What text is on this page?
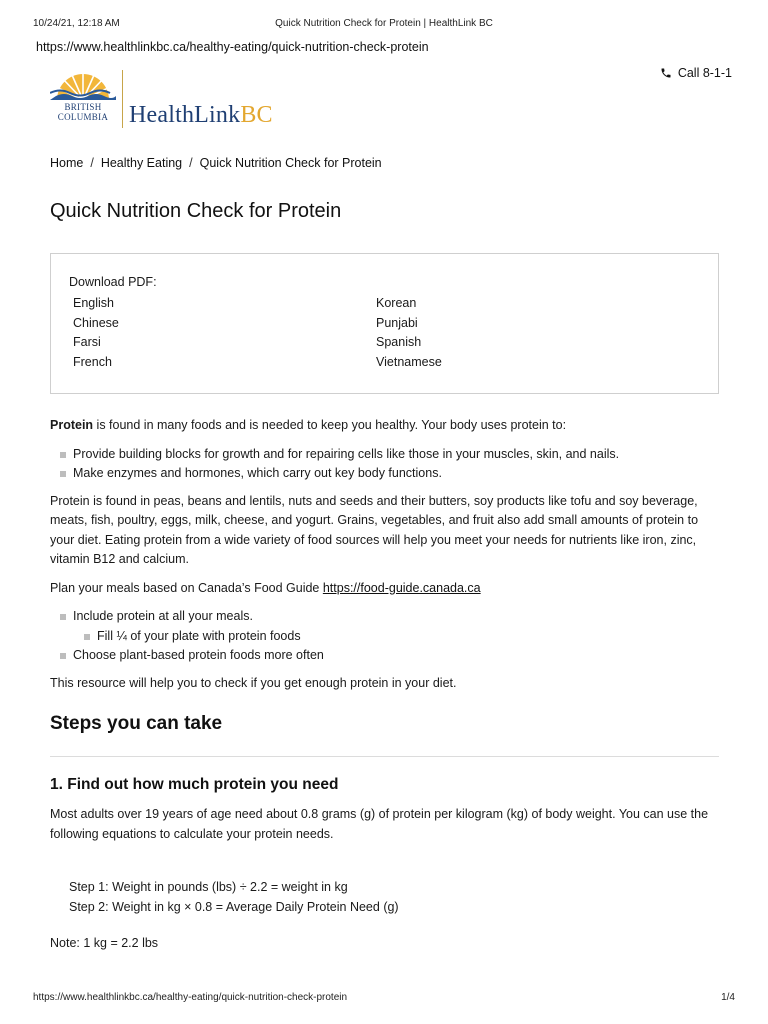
10/24/21, 12:18 AM	Quick Nutrition Check for Protein | HealthLink BC
https://www.healthlinkbc.ca/healthy-eating/quick-nutrition-check-protein
BRITISH
COLUMBIA HealthLinkBC
Call 8-1-1
Home / Healthy Eating / Quick Nutrition Check for Protein
Quick Nutrition Check for Protein
Download PDF:
English
Chinese
Farsi
French
Korean
Punjabi
Spanish
Vietnamese

Protein is found in many foods and is needed to keep you healthy. Your body uses protein to:

Provide building blocks for growth and for repairing cells like those in your muscles, skin, and nails.
Make enzymes and hormones, which carry out key body functions.

Protein is found in peas, beans and lentils, nuts and seeds and their butters, soy products like tofu and soy beverage, meats, fish, poultry, eggs, milk, cheese, and yogurt. Grains, vegetables, and fruit also add small amounts of protein to your diet. Eating protein from a wide variety of food sources will help you meet your needs for nutrients like iron, zinc, vitamin B12 and calcium.

Plan your meals based on Canada’s Food Guide https://food-guide.canada.ca

Include protein at all your meals.
Fill ¼ of your plate with protein foods
Choose plant-based protein foods more often

This resource will help you to check if you get enough protein in your diet.

Steps you can take
1. Find out how much protein you need

Most adults over 19 years of age need about 0.8 grams (g) of protein per kilogram (kg) of body weight. You can use the following equations to calculate your protein needs.

Step 1: Weight in pounds (lbs) ÷ 2.2 = weight in kg
Step 2: Weight in kg × 0.8 = Average Daily Protein Need (g)

Note: 1 kg = 2.2 lbs

https://www.healthlinkbc.ca/healthy-eating/quick-nutrition-check-protein	1/4
